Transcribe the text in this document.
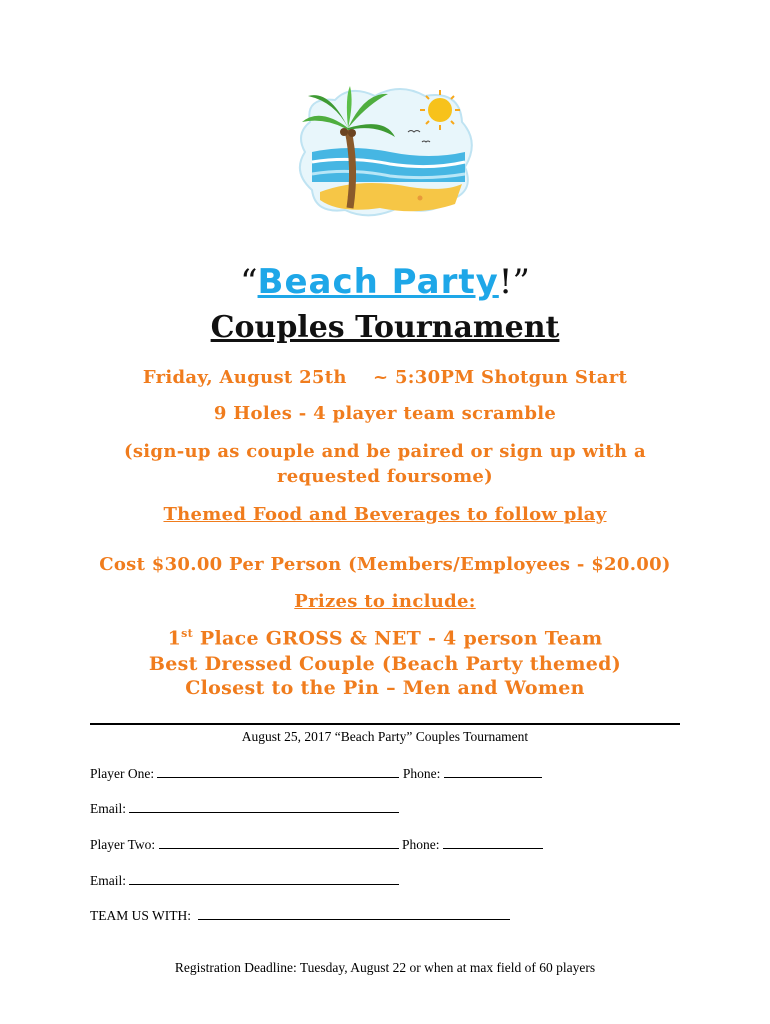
“Beach Party!”
Couples Tournament
Friday, August 25th ~ 5:30PM Shotgun Start
9 Holes - 4 player team scramble
(sign-up as couple and be paired or sign up with a
requested foursome)
Themed Food and Beverages to follow play
Cost $30.00 Per Person (Members/Employees - $20.00)
Prizes to include:
1st Place GROSS & NET - 4 person Team
Best Dressed Couple (Beach Party themed)
Closest to the Pin – Men and Women
August 25, 2017 “Beach Party” Couples Tournament
Player One:	Phone:
Email:
Player Two:	Phone:
Email:
TEAM US WITH:
Registration Deadline: Tuesday, August 22 or when at max field of 60 players
